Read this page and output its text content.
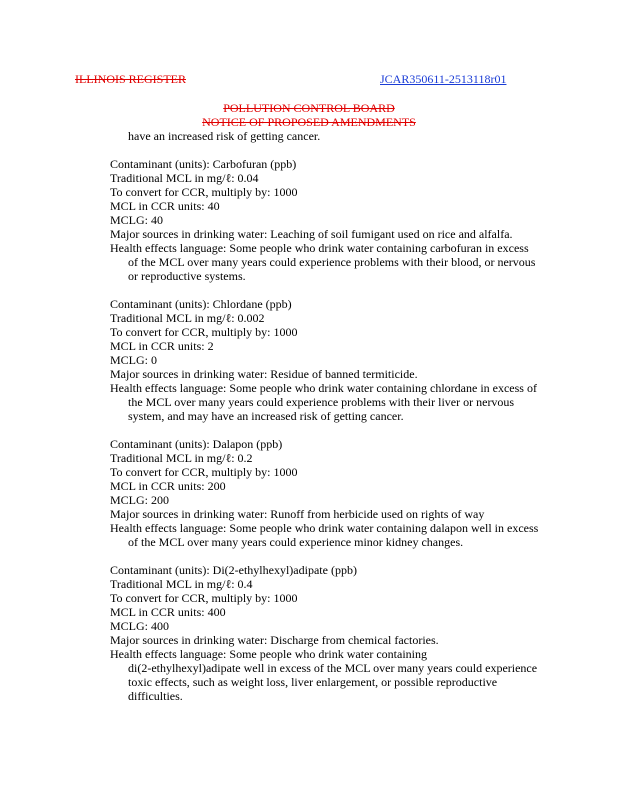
ILLINOIS REGISTER	JCAR350611-2513118r01
POLLUTION CONTROL BOARD
NOTICE OF PROPOSED AMENDMENTS
have an increased risk of getting cancer.
Contaminant (units): Carbofuran (ppb)
Traditional MCL in mg/ℓ: 0.04
To convert for CCR, multiply by: 1000
MCL in CCR units: 40
MCLG: 40
Major sources in drinking water: Leaching of soil fumigant used on rice and alfalfa.
Health effects language: Some people who drink water containing carbofuran in excess
of the MCL over many years could experience problems with their blood, or nervous
or reproductive systems.
Contaminant (units): Chlordane (ppb)
Traditional MCL in mg/ℓ: 0.002
To convert for CCR, multiply by: 1000
MCL in CCR units: 2
MCLG: 0
Major sources in drinking water: Residue of banned termiticide.
Health effects language: Some people who drink water containing chlordane in excess of
the MCL over many years could experience problems with their liver or nervous
system, and may have an increased risk of getting cancer.
Contaminant (units): Dalapon (ppb)
Traditional MCL in mg/ℓ: 0.2
To convert for CCR, multiply by: 1000
MCL in CCR units: 200
MCLG: 200
Major sources in drinking water: Runoff from herbicide used on rights of way
Health effects language: Some people who drink water containing dalapon well in excess
of the MCL over many years could experience minor kidney changes.
Contaminant (units): Di(2-ethylhexyl)adipate (ppb)
Traditional MCL in mg/ℓ: 0.4
To convert for CCR, multiply by: 1000
MCL in CCR units: 400
MCLG: 400
Major sources in drinking water: Discharge from chemical factories.
Health effects language: Some people who drink water containing
di(2-ethylhexyl)adipate well in excess of the MCL over many years could experience
toxic effects, such as weight loss, liver enlargement, or possible reproductive
difficulties.
